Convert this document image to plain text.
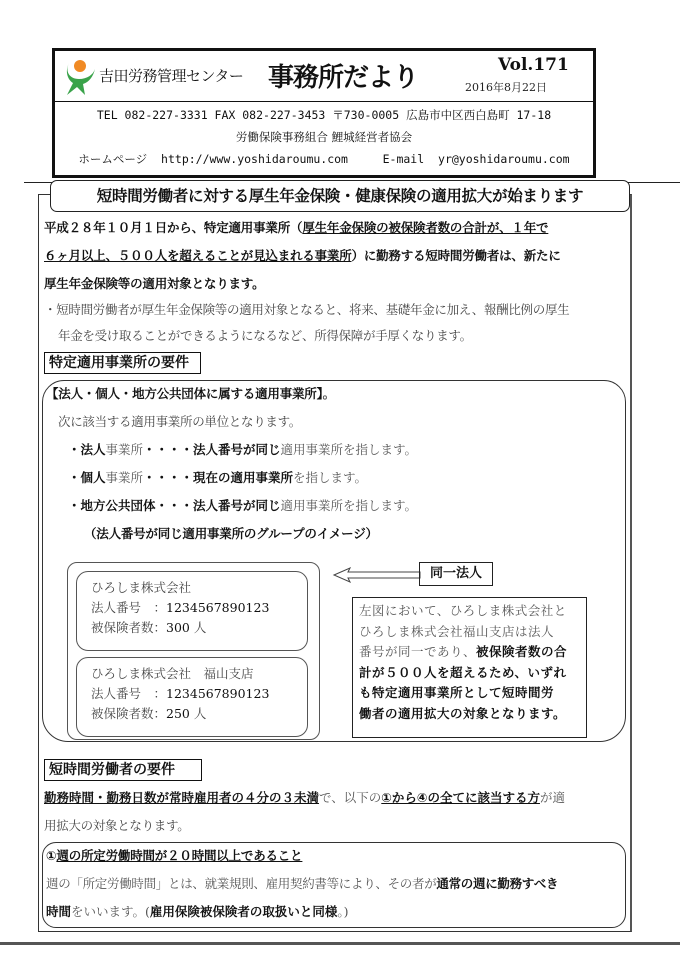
吉田労務管理センター 事務所だより	Vol.171
2016年8月22日
TEL 082-227-3331 FAX 082-227-3453 〒730-0005 広島市中区西白島町 17-18
労働保険事務組合 鯉城経営者協会
ホームページ http://www.yoshidaroumu.com	E-mail yr@yoshidaroumu.com
短時間労働者に対する厚生年金保険・健康保険の適用拡大が始まります
平成２８年１０月１日から、特定適用事業所（厚生年金保険の被保険者数の合計が、１年で
６ヶ月以上、５００人を超えることが見込まれる事業所）に勤務する短時間労働者は、新たに
厚生年金保険等の適用対象となります。
・短時間労働者が厚生年金保険等の適用対象となると、将来、基礎年金に加え、報酬比例の厚生
年金を受け取ることができるようになるなど、所得保障が手厚くなります。
特定適用事業所の要件
【法人・個人・地方公共団体に属する適用事業所】。
次に該当する適用事業所の単位となります。
・法人事業所・・・・法人番号が同じ適用事業所を指します。
・個人事業所・・・・現在の適用事業所を指します。
・地方公共団体・・・法人番号が同じ適用事業所を指します。
（法人番号が同じ適用事業所のグループのイメージ）
ひろしま株式会社
法人番号　：1234567890123
被保険者数：300 人
ひろしま株式会社　福山支店
法人番号　：1234567890123
被保険者数：250 人
同一法人
左図において、ひろしま株式会社と
ひろしま株式会社福山支店は法人
番号が同一であり、被保険者数の合
計が５００人を超えるため、いずれ
も特定適用事業所として短時間労
働者の適用拡大の対象となります。
短時間労働者の要件
勤務時間・勤務日数が常時雇用者の４分の３未満で、以下の①から④の全てに該当する方が適
用拡大の対象となります。
①週の所定労働時間が２０時間以上であること
週の「所定労働時間」とは、就業規則、雇用契約書等により、その者が通常の週に勤務すべき
時間をいいます。(雇用保険被保険者の取扱いと同様。)
